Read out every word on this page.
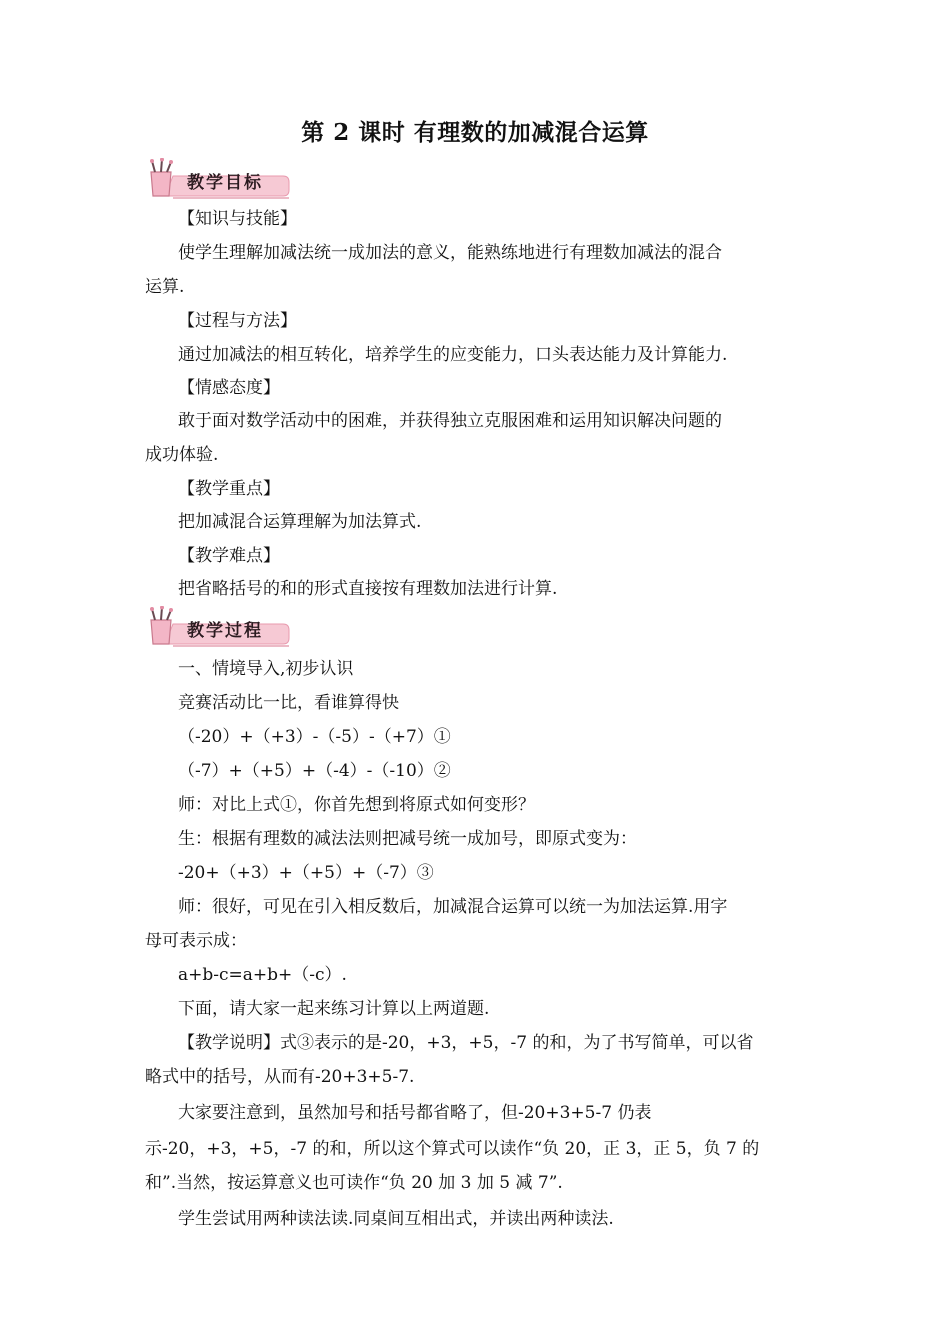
第 2 课时 有理数的加减混合运算
教学目标
【知识与技能】
使学生理解加减法统一成加法的意义，能熟练地进行有理数加减法的混合
运算.
【过程与方法】
通过加减法的相互转化，培养学生的应变能力，口头表达能力及计算能力.
【情感态度】
敢于面对数学活动中的困难，并获得独立克服困难和运用知识解决问题的
成功体验.
【教学重点】
把加减混合运算理解为加法算式.
【教学难点】
把省略括号的和的形式直接按有理数加法进行计算.
教学过程
一、情境导入,初步认识
竞赛活动比一比，看谁算得快
（-20）+（+3）-（-5）-（+7）①
（-7）+（+5）+（-4）-（-10）②
师：对比上式①，你首先想到将原式如何变形？
生：根据有理数的减法法则把减号统一成加号，即原式变为：
-20+（+3）+（+5）+（-7）③
师：很好，可见在引入相反数后，加减混合运算可以统一为加法运算.用字
母可表示成：
a+b-c=a+b+（-c）.
下面，请大家一起来练习计算以上两道题.
【教学说明】式③表示的是-20，+3，+5，-7 的和，为了书写简单，可以省
略式中的括号，从而有-20+3+5-7.
大家要注意到，虽然加号和括号都省略了，但-20+3+5-7 仍表
示-20，+3，+5，-7 的和，所以这个算式可以读作“负 20，正 3，正 5，负 7 的
和”.当然，按运算意义也可读作“负 20 加 3 加 5 减 7”.
学生尝试用两种读法读.同桌间互相出式，并读出两种读法.
